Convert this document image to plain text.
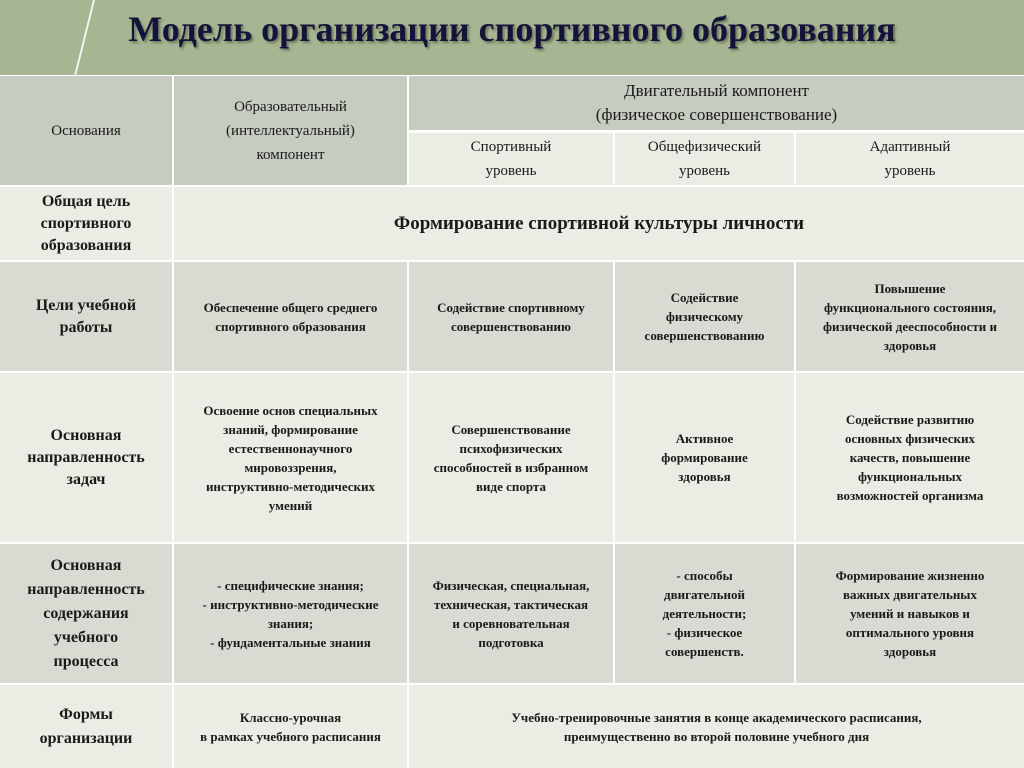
Модель организации спортивного образования
Основания
Образовательный
(интеллектуальный)
компонент
Двигательный компонент
(физическое совершенствование)
Спортивный
уровень
Общефизический
уровень
Адаптивный
уровень
Общая цель
спортивного
образования
Формирование спортивной культуры личности
Цели учебной
работы
Обеспечение общего среднего
спортивного образования
Содействие спортивному
совершенствованию
Содействие
физическому
совершенствованию
Повышение
функционального состояния,
физической дееспособности и
здоровья
Основная
направленность
задач
Освоение основ специальных
знаний, формирование
естественнонаучного
мировоззрения,
инструктивно-методических
умений
Совершенствование
психофизических
способностей в избранном
виде спорта
Активное
формирование
здоровья
Содействие развитию
основных физических
качеств, повышение
функциональных
возможностей организма
Основная
направленность
содержания
учебного
процесса
- специфические знания;
- инструктивно-методические
знания;
- фундаментальные знания
Физическая, специальная,
техническая, тактическая
и соревновательная
подготовка
- способы
двигательной
деятельности;
- физическое
совершенств.
Формирование жизненно
важных двигательных
умений и навыков и
оптимального уровня
здоровья
Формы
организации
Классно-урочная
в рамках учебного расписания
Учебно-тренировочные занятия в конце академического расписания,
преимущественно во второй половине учебного дня
